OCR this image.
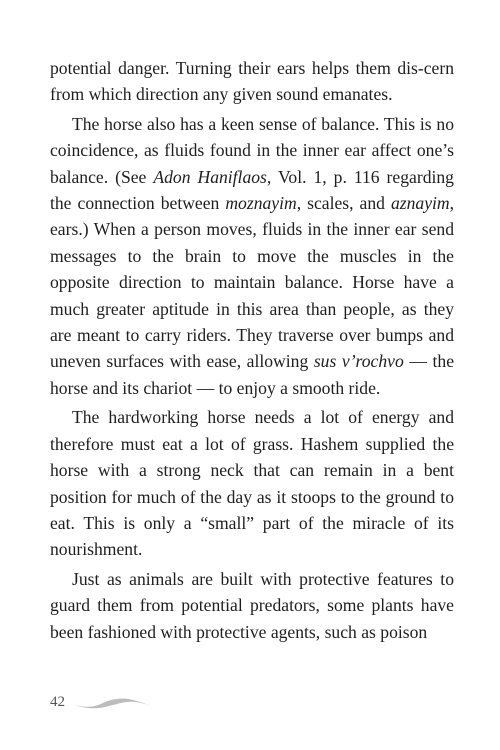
potential danger. Turning their ears helps them dis-cern from which direction any given sound emanates.

The horse also has a keen sense of balance. This is no coincidence, as fluids found in the inner ear affect one’s balance. (See Adon Haniflaos, Vol. 1, p. 116 regarding the connection between moznayim, scales, and aznayim, ears.) When a person moves, fluids in the inner ear send messages to the brain to move the muscles in the opposite direction to maintain balance. Horse have a much greater aptitude in this area than people, as they are meant to carry riders. They traverse over bumps and uneven surfaces with ease, allowing sus v’rochvo — the horse and its chariot — to enjoy a smooth ride.

The hardworking horse needs a lot of energy and therefore must eat a lot of grass. Hashem supplied the horse with a strong neck that can remain in a bent position for much of the day as it stoops to the ground to eat. This is only a “small” part of the miracle of its nourishment.

Just as animals are built with protective features to guard them from potential predators, some plants have been fashioned with protective agents, such as poison

42
